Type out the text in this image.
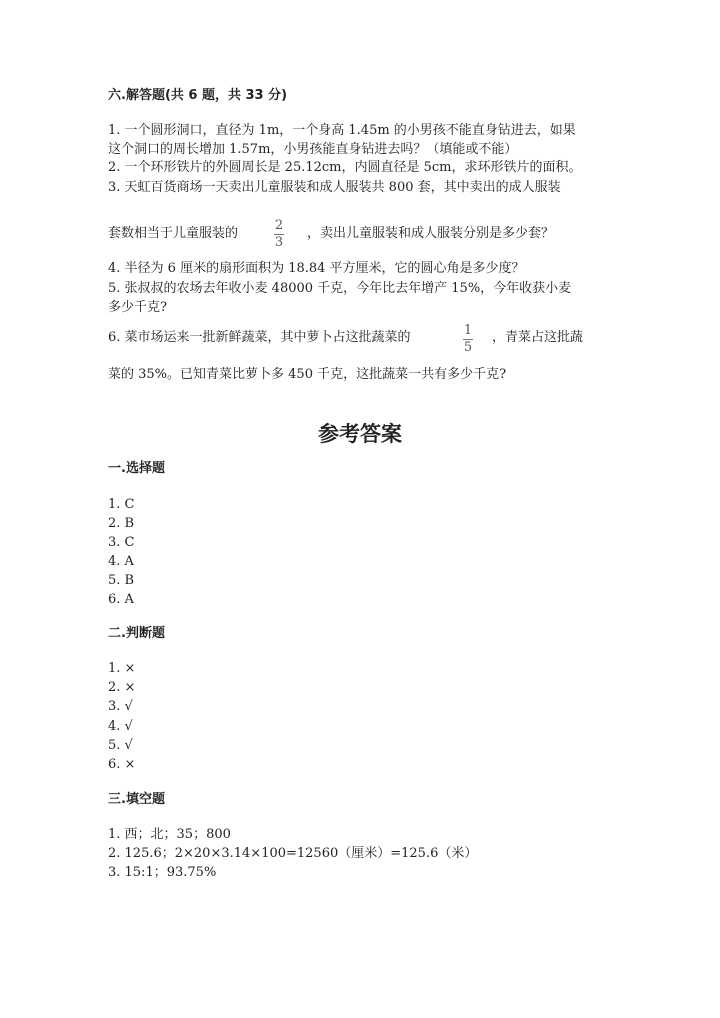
六.解答题(共 6 题，共 33 分)
1. 一个圆形洞口，直径为 1m，一个身高 1.45m 的小男孩不能直身钻进去，如果
这个洞口的周长增加 1.57m，小男孩能直身钻进去吗？（填能或不能）
2. 一个环形铁片的外圆周长是 25.12cm，内圆直径是 5cm，求环形铁片的面积。
3. 天虹百货商场一天卖出儿童服装和成人服装共 800 套，其中卖出的成人服装
套数相当于儿童服装的
2
3
，卖出儿童服装和成人服装分别是多少套？
4. 半径为 6 厘米的扇形面积为 18.84 平方厘米，它的圆心角是多少度？
5. 张叔叔的农场去年收小麦 48000 千克，今年比去年增产 15%，今年收获小麦
多少千克?
6. 菜市场运来一批新鲜蔬菜，其中萝卜占这批蔬菜的	1
5
，青菜占这批蔬
菜的 35%。已知青菜比萝卜多 450 千克，这批蔬菜一共有多少千克?
参考答案
一.选择题
1. C
2. B
3. C
4. A
5. B
6. A
二.判断题
1. ×
2. ×
3. √
4. √
5. √
6. ×
三.填空题
1. 西；北；35；800
2. 125.6；2×20×3.14×100=12560（厘米）=125.6（米）
3. 15:1；93.75%
